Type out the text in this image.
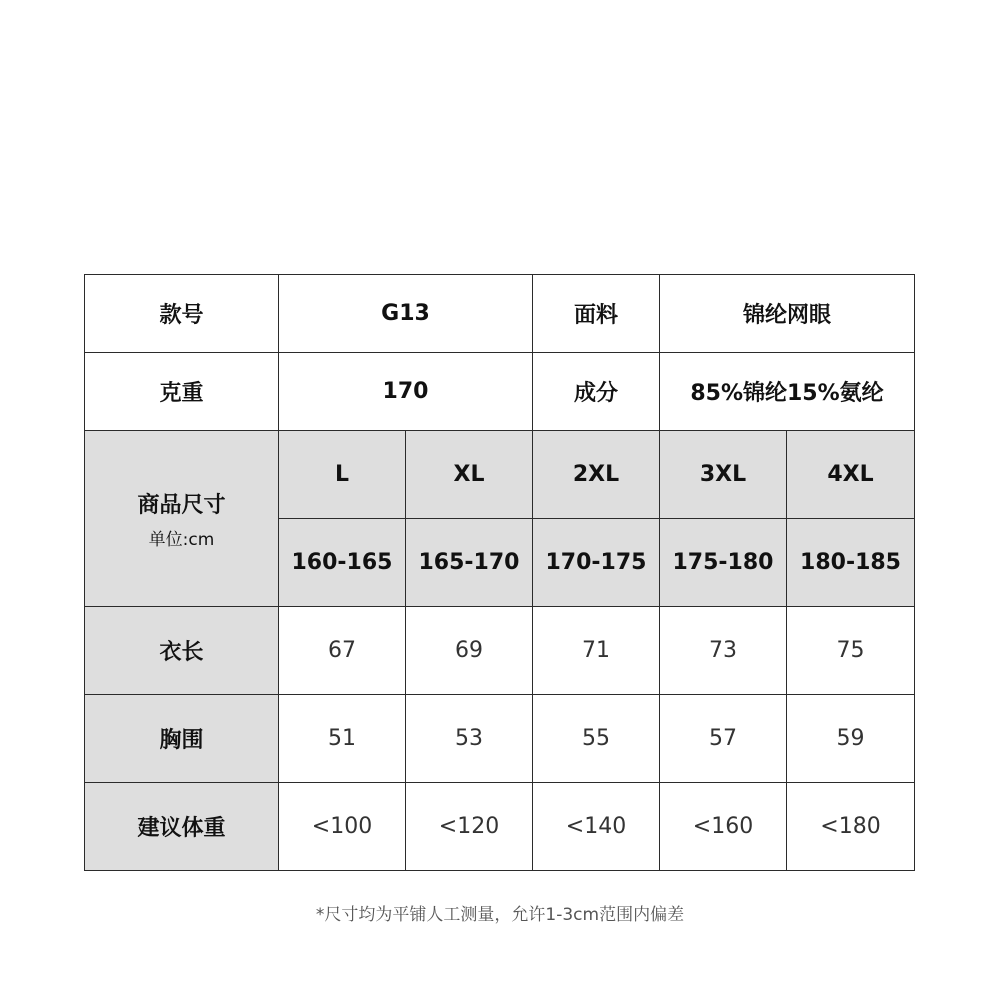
款号	G13		面料	锦纶网眼	
克重	170		成分	85%锦纶15%氨纶	

商品尺寸
单位:cm	L	XL	2XL	3XL	4XL
	160-165	165-170	170-175	175-180	180-185
衣长	67	69	71	73	75
胸围	51	53	55	57	59
建议体重	<100	<120	<140	<160	<180
*尺寸均为平铺人工测量，允许1-3cm范围内偏差
